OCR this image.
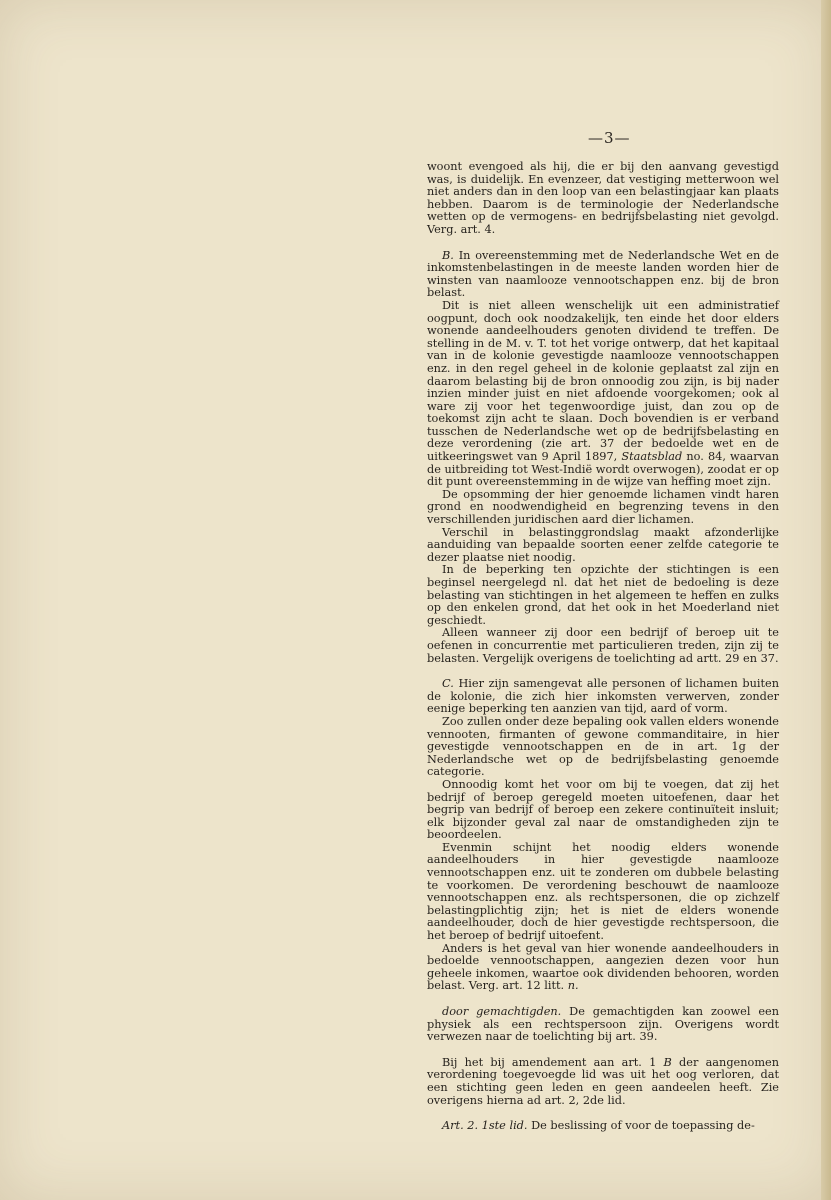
—3—

woont evengoed als hij, die er bij den aanvang gevestigd was, is duidelijk. En evenzeer, dat vestiging metterwoon wel niet anders dan in den loop van een belastingjaar kan plaats hebben. Daarom is de terminologie der Nederlandsche wetten op de vermogens- en bedrijfsbelasting niet gevolgd. Verg. art. 4.

B. In overeenstemming met de Nederlandsche Wet en de inkomstenbelastingen in de meeste landen worden hier de winsten van naamlooze vennootschappen enz. bij de bron belast.

Dit is niet alleen wenschelijk uit een administratief oogpunt, doch ook noodzakelijk, ten einde het door elders wonende aandeelhouders genoten dividend te treffen. De stelling in de M. v. T. tot het vorige ontwerp, dat het kapitaal van in de kolonie gevestigde naamlooze vennootschappen enz. in den regel geheel in de kolonie geplaatst zal zijn en daarom belasting bij de bron onnoodig zou zijn, is bij nader inzien minder juist en niet afdoende voorgekomen; ook al ware zij voor het tegenwoordige juist, dan zou op de toekomst zijn acht te slaan. Doch bovendien is er verband tusschen de Nederlandsche wet op de bedrijfsbelasting en deze verordening (zie art. 37 der bedoelde wet en de uitkeeringswet van 9 April 1897, Staatsblad no. 84, waarvan de uitbreiding tot West-Indië wordt overwogen), zoodat er op dit punt overeenstemming in de wijze van heffing moet zijn.

De opsomming der hier genoemde lichamen vindt haren grond en noodwendigheid en begrenzing tevens in den verschillenden juridischen aard dier lichamen.

Verschil in belastinggrondslag maakt afzonderlijke aanduiding van bepaalde soorten eener zelfde categorie te dezer plaatse niet noodig.

In de beperking ten opzichte der stichtingen is een beginsel neergelegd nl. dat het niet de bedoeling is deze belasting van stichtingen in het algemeen te heffen en zulks op den enkelen grond, dat het ook in het Moederland niet geschiedt.

Alleen wanneer zij door een bedrijf of beroep uit te oefenen in concurrentie met particulieren treden, zijn zij te belasten. Vergelijk overigens de toelichting ad artt. 29 en 37.

C. Hier zijn samengevat alle personen of lichamen buiten de kolonie, die zich hier inkomsten verwerven, zonder eenige beperking ten aanzien van tijd, aard of vorm.

Zoo zullen onder deze bepaling ook vallen elders wonende vennooten, firmanten of gewone commanditaire, in hier gevestigde vennootschappen en de in art. 1g der Nederlandsche wet op de bedrijfsbelasting genoemde categorie.

Onnoodig komt het voor om bij te voegen, dat zij het bedrijf of beroep geregeld moeten uitoefenen, daar het begrip van bedrijf of beroep een zekere continuïteit insluit; elk bijzonder geval zal naar de omstandigheden zijn te beoordeelen.

Evenmin schijnt het noodig elders wonende aandeelhouders in hier gevestigde naamlooze vennootschappen enz. uit te zonderen om dubbele belasting te voorkomen. De verordening beschouwt de naamlooze vennootschappen enz. als rechtspersonen, die op zichzelf belastingplichtig zijn; het is niet de elders wonende aandeelhouder, doch de hier gevestigde rechtspersoon, die het beroep of bedrijf uitoefent.

Anders is het geval van hier wonende aandeelhouders in bedoelde vennootschappen, aangezien dezen voor hun geheele inkomen, waartoe ook dividenden behooren, worden belast. Verg. art. 12 litt. n.

door gemachtigden. De gemachtigden kan zoowel een physiek als een rechtspersoon zijn. Overigens wordt verwezen naar de toelichting bij art. 39.

Bij het bij amendement aan art. 1 B der aangenomen verordening toegevoegde lid was uit het oog verloren, dat een stichting geen leden en geen aandeelen heeft. Zie overigens hierna ad art. 2, 2de lid.

Art. 2. 1ste lid. De beslissing of voor de toepassing de-
